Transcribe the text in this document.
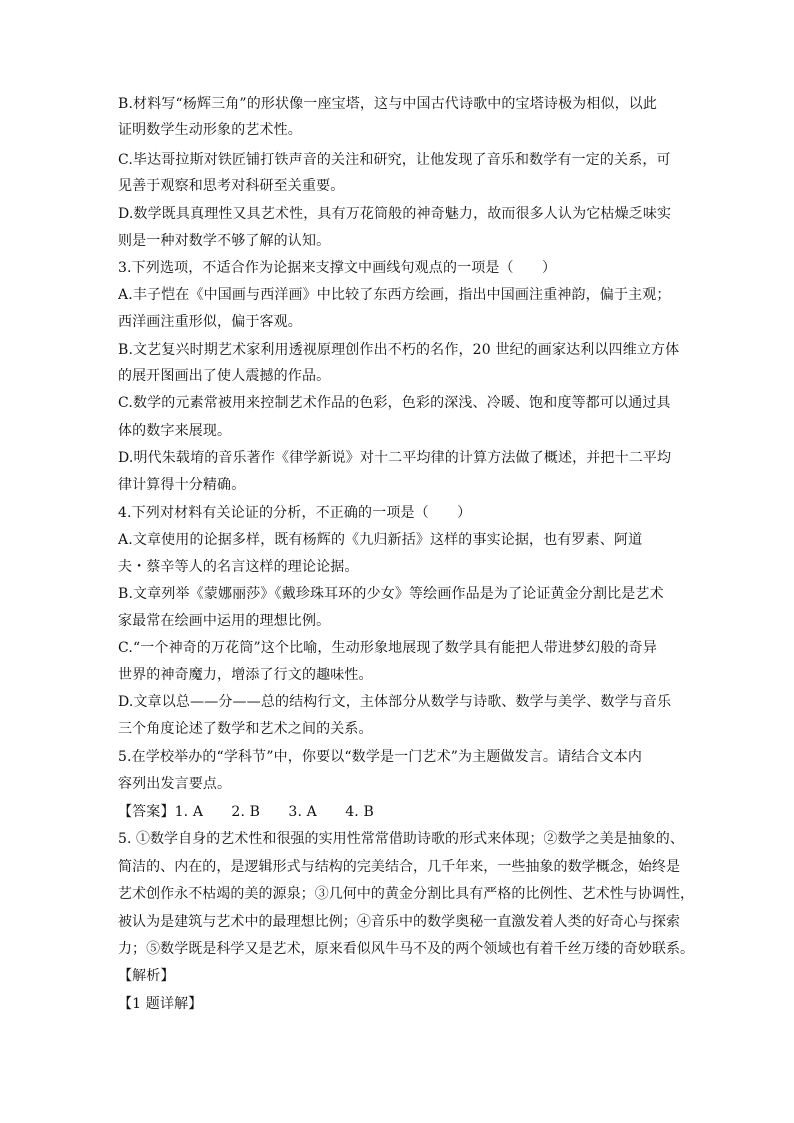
B.材料写“杨辉三角”的形状像一座宝塔，这与中国古代诗歌中的宝塔诗极为相似，以此
证明数学生动形象的艺术性。
C.毕达哥拉斯对铁匠铺打铁声音的关注和研究，让他发现了音乐和数学有一定的关系，可
见善于观察和思考对科研至关重要。
D.数学既具真理性又具艺术性，具有万花筒般的神奇魅力，故而很多人认为它枯燥乏味实
则是一种对数学不够了解的认知。
3.下列选项，不适合作为论据来支撑文中画线句观点的一项是（　　）
A.丰子恺在《中国画与西洋画》中比较了东西方绘画，指出中国画注重神韵，偏于主观；
西洋画注重形似，偏于客观。
B.文艺复兴时期艺术家利用透视原理创作出不朽的名作，20 世纪的画家达利以四维立方体
的展开图画出了使人震撼的作品。
C.数学的元素常被用来控制艺术作品的色彩，色彩的深浅、冷暖、饱和度等都可以通过具
体的数字来展现。
D.明代朱载堉的音乐著作《律学新说》对十二平均律的计算方法做了概述，并把十二平均
律计算得十分精确。
4.下列对材料有关论证的分析，不正确的一项是（　　）
A.文章使用的论据多样，既有杨辉的《九归新括》这样的事实论据，也有罗素、阿道
夫・蔡辛等人的名言这样的理论论据。
B.文章列举《蒙娜丽莎》《戴珍珠耳环的少女》等绘画作品是为了论证黄金分割比是艺术
家最常在绘画中运用的理想比例。
C.“一个神奇的万花筒”这个比喻，生动形象地展现了数学具有能把人带进梦幻般的奇异
世界的神奇魔力，增添了行文的趣味性。
D.文章以总——分——总的结构行文，主体部分从数学与诗歌、数学与美学、数学与音乐
三个角度论述了数学和艺术之间的关系。
5.在学校举办的“学科节”中，你要以“数学是一门艺术”为主题做发言。请结合文本内
容列出发言要点。
【答案】1. A　　2. B　　3. A　　4. B
5. ①数学自身的艺术性和很强的实用性常常借助诗歌的形式来体现；②数学之美是抽象的、
简洁的、内在的，是逻辑形式与结构的完美结合，几千年来，一些抽象的数学概念，始终是
艺术创作永不枯竭的美的源泉；③几何中的黄金分割比具有严格的比例性、艺术性与协调性，
被认为是建筑与艺术中的最理想比例；④音乐中的数学奥秘一直激发着人类的好奇心与探索
力；⑤数学既是科学又是艺术，原来看似风牛马不及的两个领域也有着千丝万缕的奇妙联系。
【解析】
【1 题详解】
